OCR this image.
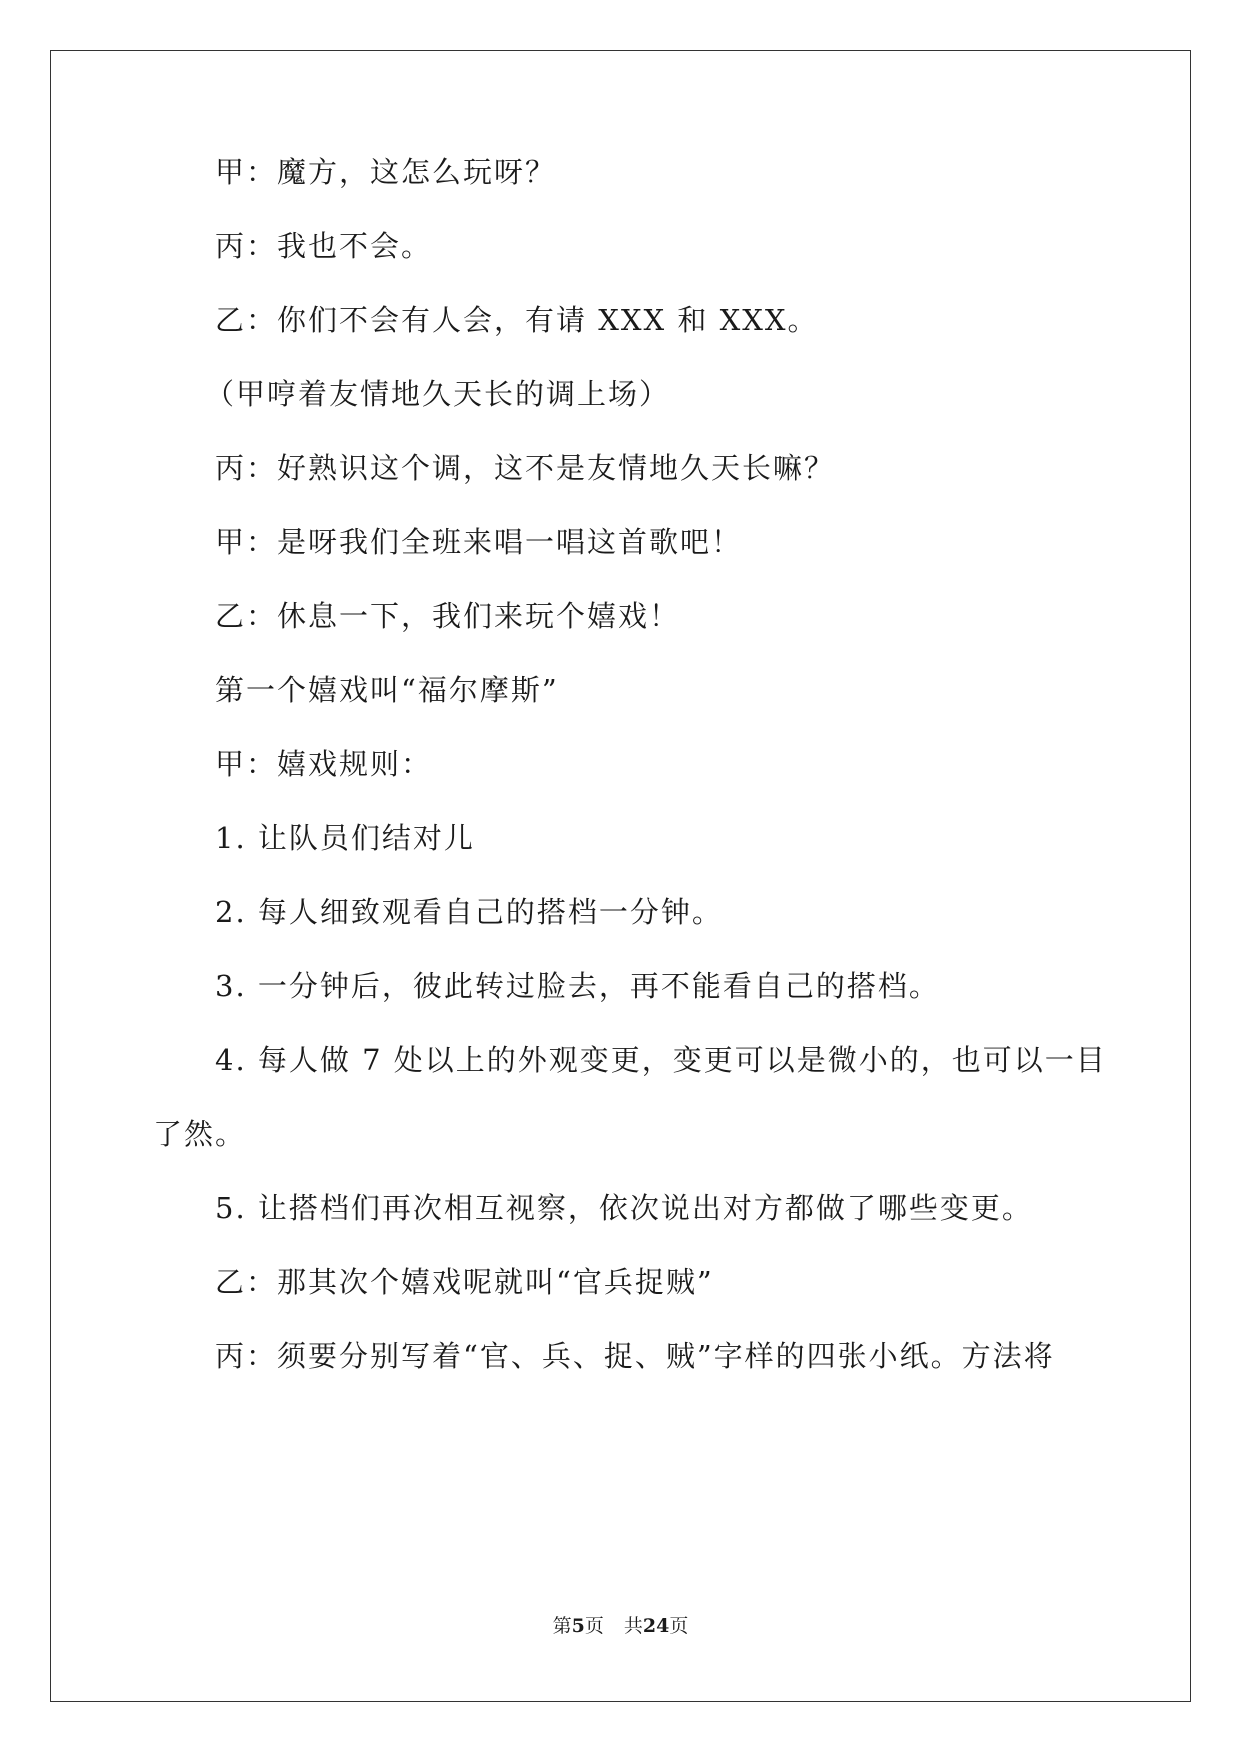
甲：魔方，这怎么玩呀？
丙：我也不会。
乙：你们不会有人会，有请 XXX 和 XXX。
（甲哼着友情地久天长的调上场）
丙：好熟识这个调，这不是友情地久天长嘛？
甲：是呀我们全班来唱一唱这首歌吧！
乙：休息一下，我们来玩个嬉戏！
第一个嬉戏叫“福尔摩斯”
甲：嬉戏规则：
1. 让队员们结对儿
2. 每人细致观看自己的搭档一分钟。
3. 一分钟后，彼此转过脸去，再不能看自己的搭档。
4. 每人做 7 处以上的外观变更，变更可以是微小的，也可以一目
了然。
5. 让搭档们再次相互视察，依次说出对方都做了哪些变更。
乙：那其次个嬉戏呢就叫“官兵捉贼”
丙：须要分别写着“官、兵、捉、贼”字样的四张小纸。方法将
第5页 共24页
